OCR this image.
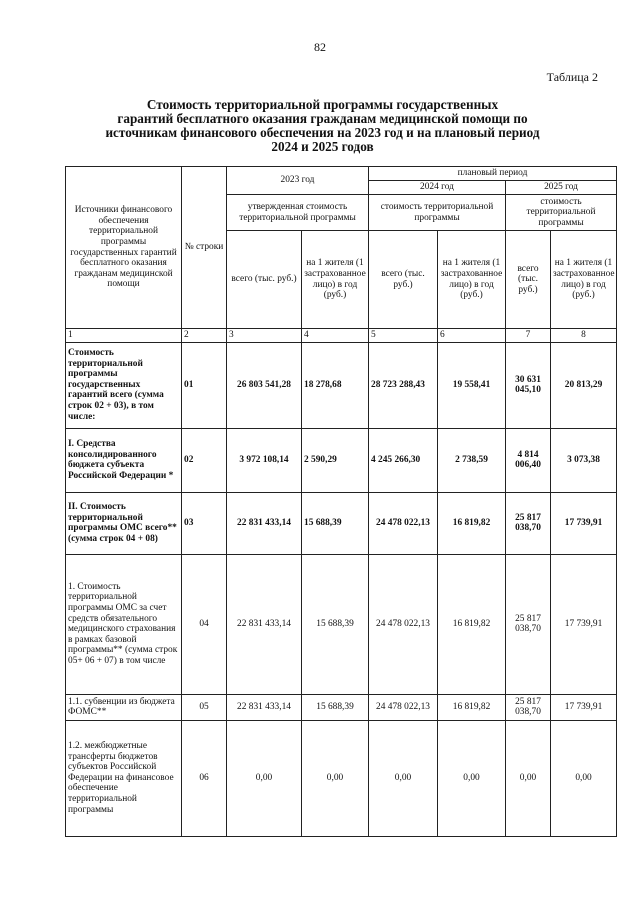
82
Таблица 2
Стоимость территориальной программы государственных
гарантий бесплатного оказания гражданам медицинской помощи по
источникам финансового обеспечения на 2023 год и на плановый период
2024 и 2025 годов
Источники финансового обеспечения территориальной программы государственных гарантий бесплатного оказания гражданам медицинской помощи	№ строки	2023 год		плановый период			
				2024 год		2025 год	
		утвержденная стоимость территориальной программы		стоимость территориальной программы		стоимость территориальной программы	
		всего (тыс. руб.)	на 1 жителя (1 застрахованное лицо) в год (руб.)	всего (тыс. руб.)	на 1 жителя (1 застрахованное лицо) в год (руб.)	всего (тыс. руб.)	на 1 жителя (1 застрахованное лицо) в год (руб.)
1	2	3	4	5	6	7	8
Стоимость территориальной программы государственных гарантий всего (сумма строк 02 + 03), в том числе:	01	26 803 541,28	18 278,68	28 723 288,43	19 558,41	30 631 045,10	20 813,29
I. Средства консолидированного бюджета субъекта Российской Федерации *	02	3 972 108,14	2 590,29	4 245 266,30	2 738,59	4 814 006,40	3 073,38
II. Стоимость территориальной программы ОМС всего** (сумма строк 04 + 08)	03	22 831 433,14	15 688,39	24 478 022,13	16 819,82	25 817 038,70	17 739,91
1. Стоимость территориальной программы ОМС за счет средств обязательного медицинского страхования в рамках базовой программы** (сумма строк 05+ 06 + 07) в том числе	04	22 831 433,14	15 688,39	24 478 022,13	16 819,82	25 817 038,70	17 739,91
1.1. субвенции из бюджета ФОМС**	05	22 831 433,14	15 688,39	24 478 022,13	16 819,82	25 817 038,70	17 739,91
1.2. межбюджетные трансферты бюджетов субъектов Российской Федерации на финансовое обеспечение территориальной программы	06	0,00	0,00	0,00	0,00	0,00	0,00
